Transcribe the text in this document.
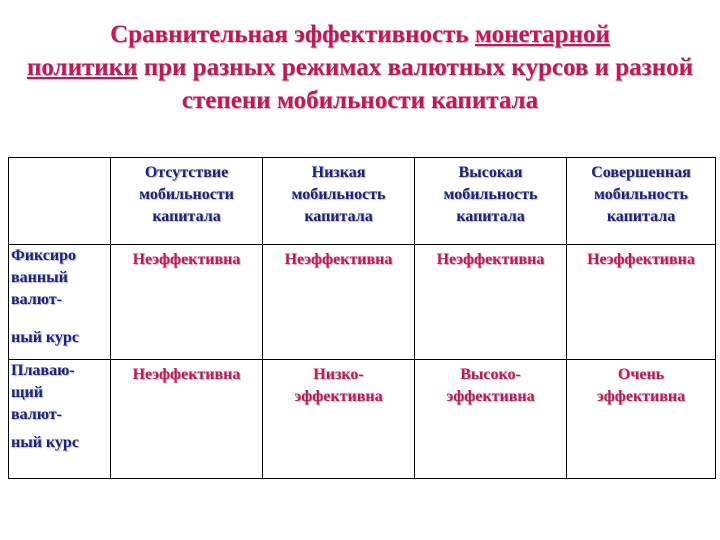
Сравнительная эффективность монетарной
политики при разных режимах валютных курсов и разной степени мобильности капитала
	Отсутствие мобильности капитала	Низкая мобильность капитала	Высокая мобильность капитала	Совершенная мобильность капитала

Фиксиро
ванный
валют-
ный курс	Неэффективна	Неэффективна	Неэффективна	Неэффективна

Плаваю-
щий
валют-
ный курс	Неэффективна	Низко-эффективна	Высоко-эффективна	Очень эффективна
